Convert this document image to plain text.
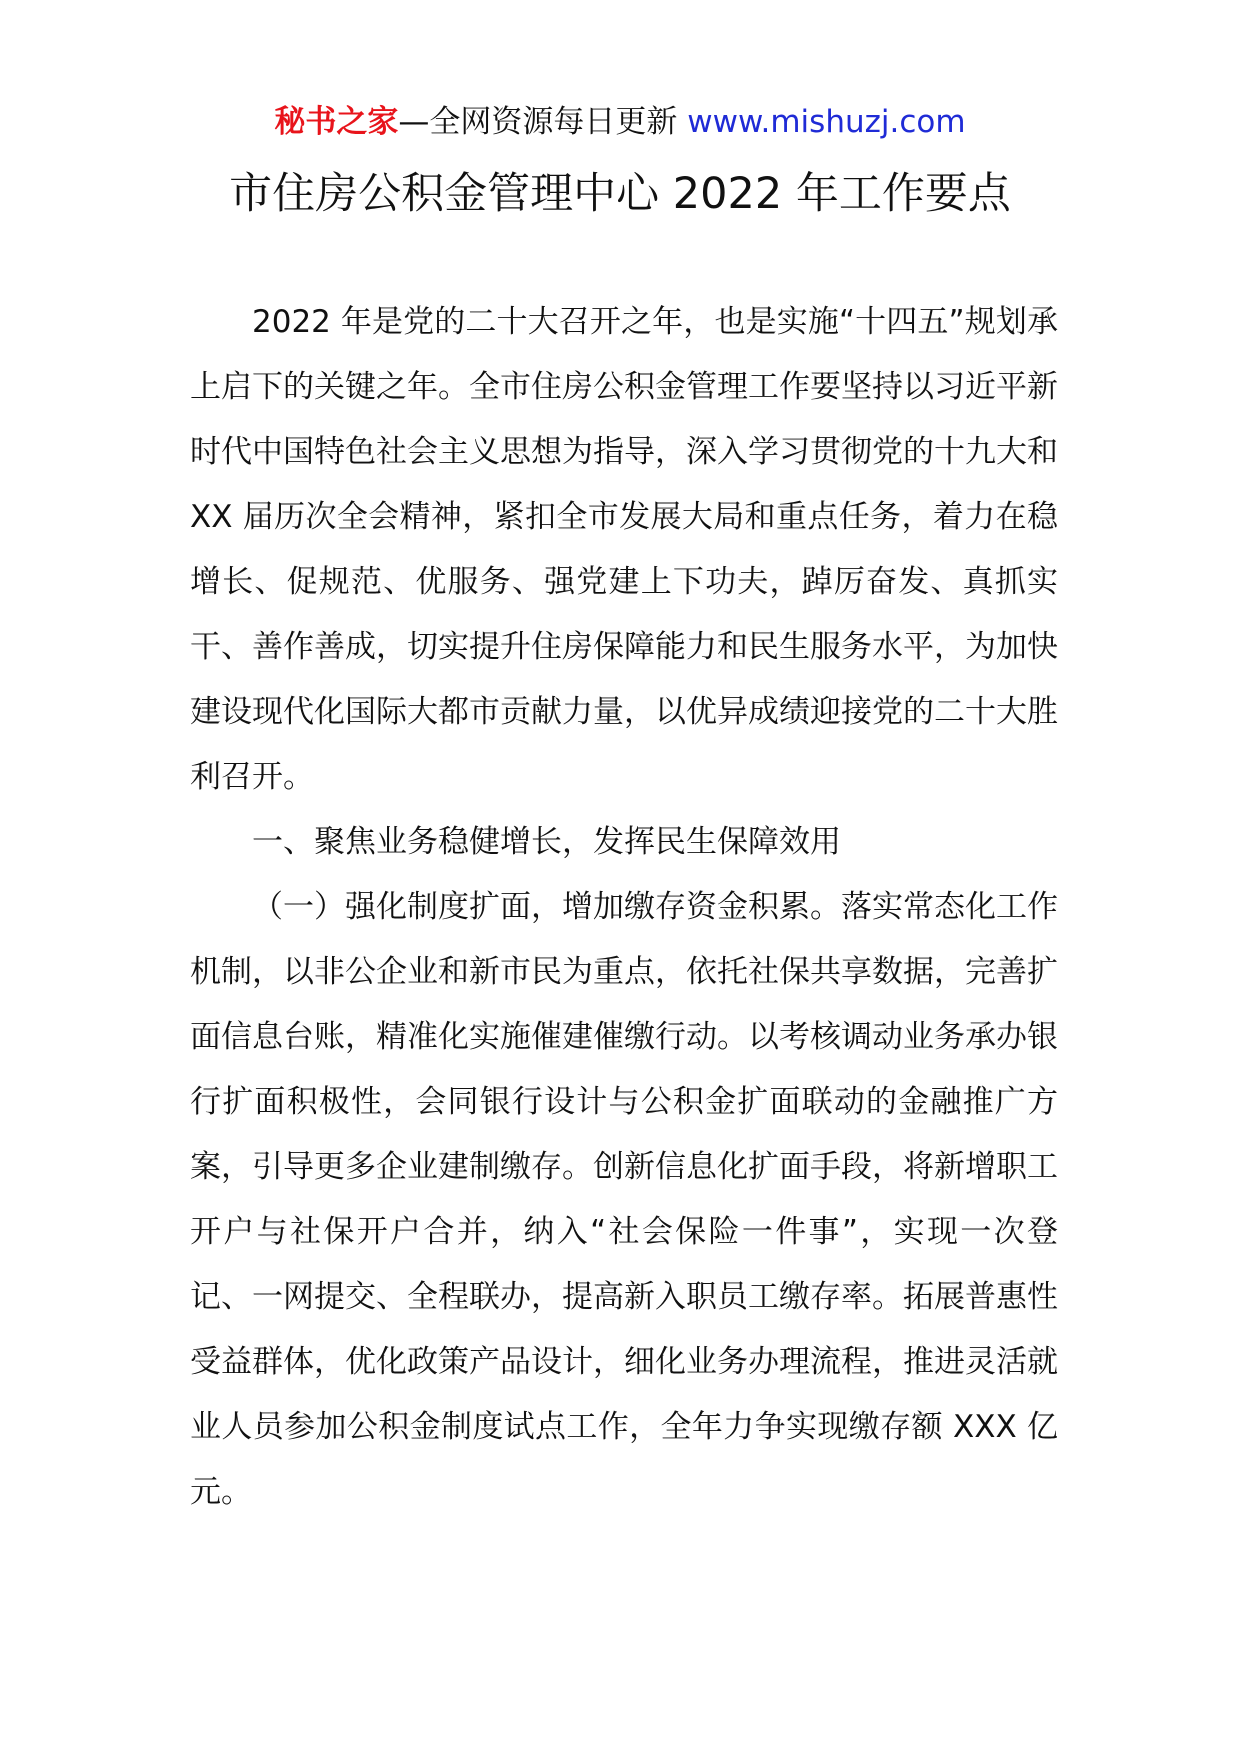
秘书之家—全网资源每日更新 www.mishuzj.com
市住房公积金管理中心 2022 年工作要点

2022 年是党的二十大召开之年，也是实施“十四五”规划承上启下的关键之年。全市住房公积金管理工作要坚持以习近平新时代中国特色社会主义思想为指导，深入学习贯彻党的十九大和 XX 届历次全会精神，紧扣全市发展大局和重点任务，着力在稳增长、促规范、优服务、强党建上下功夫，踔厉奋发、真抓实干、善作善成，切实提升住房保障能力和民生服务水平，为加快建设现代化国际大都市贡献力量，以优异成绩迎接党的二十大胜利召开。

一、聚焦业务稳健增长，发挥民生保障效用

（一）强化制度扩面，增加缴存资金积累。落实常态化工作机制，以非公企业和新市民为重点，依托社保共享数据，完善扩面信息台账，精准化实施催建催缴行动。以考核调动业务承办银行扩面积极性，会同银行设计与公积金扩面联动的金融推广方案，引导更多企业建制缴存。创新信息化扩面手段，将新增职工开户与社保开户合并，纳入“社会保险一件事”，实现一次登记、一网提交、全程联办，提高新入职员工缴存率。拓展普惠性受益群体，优化政策产品设计，细化业务办理流程，推进灵活就业人员参加公积金制度试点工作，全年力争实现缴存额 XXX 亿元。
